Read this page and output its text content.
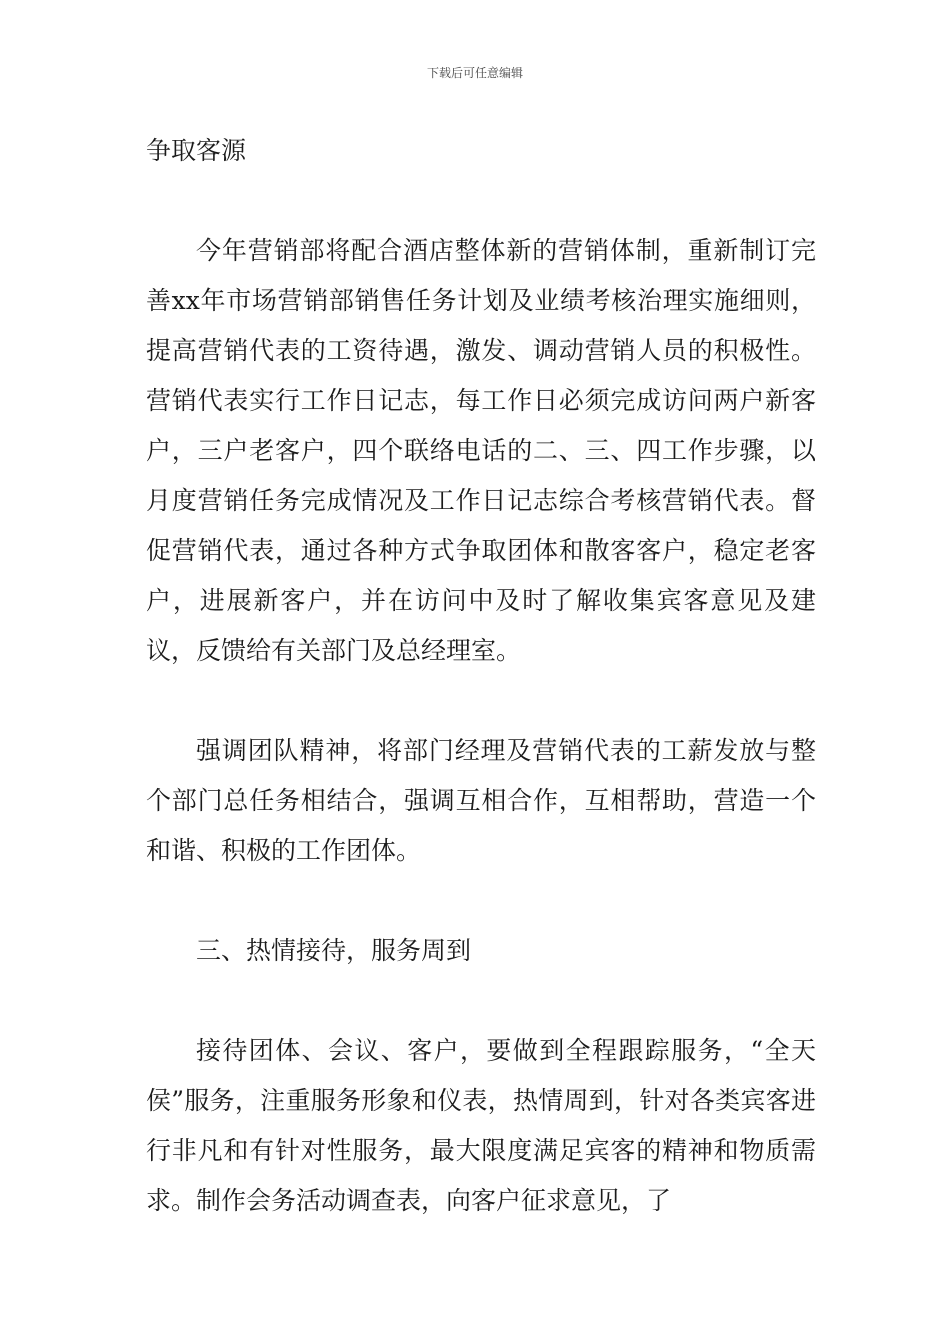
下载后可任意编辑

争取客源

今年营销部将配合酒店整体新的营销体制，重新制订完善xx年市场营销部销售任务计划及业绩考核治理实施细则，提高营销代表的工资待遇，激发、调动营销人员的积极性。营销代表实行工作日记志，每工作日必须完成访问两户新客户，三户老客户，四个联络电话的二、三、四工作步骤，以月度营销任务完成情况及工作日记志综合考核营销代表。督促营销代表，通过各种方式争取团体和散客客户，稳定老客户，进展新客户，并在访问中及时了解收集宾客意见及建议，反馈给有关部门及总经理室。

强调团队精神，将部门经理及营销代表的工薪发放与整个部门总任务相结合，强调互相合作，互相帮助，营造一个和谐、积极的工作团体。

三、热情接待，服务周到

接待团体、会议、客户，要做到全程跟踪服务，“全天侯”服务，注重服务形象和仪表，热情周到，针对各类宾客进行非凡和有针对性服务，最大限度满足宾客的精神和物质需求。制作会务活动调查表，向客户征求意见，了
